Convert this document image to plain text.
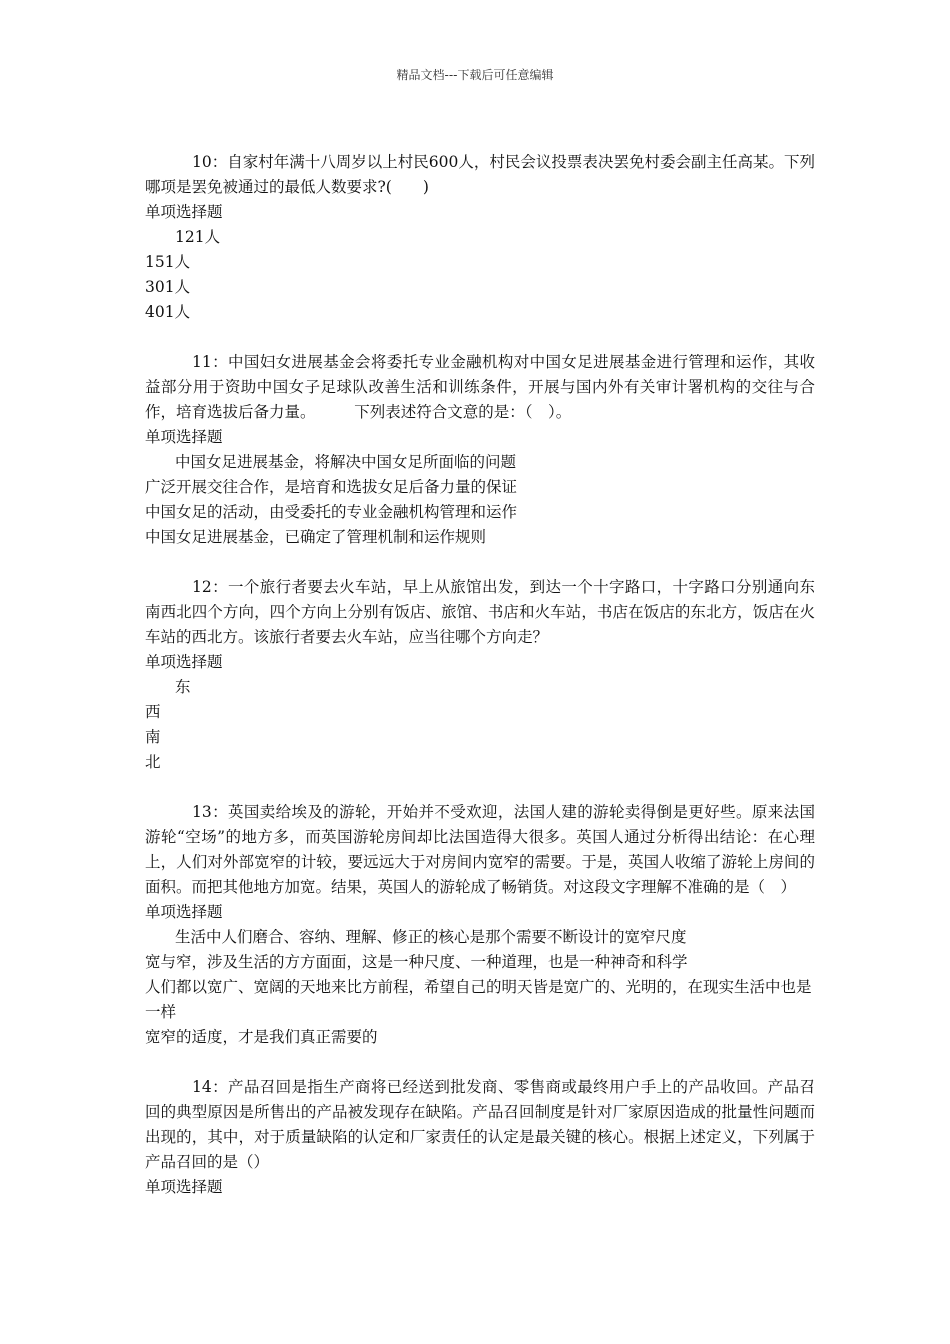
精品文档---下载后可任意编辑
10：自家村年满十八周岁以上村民600人，村民会议投票表决罢免村委会副主任高某。下列哪项是罢免被通过的最低人数要求?(　　)
单项选择题
121人
151人
301人
401人
11：中国妇女进展基金会将委托专业金融机构对中国女足进展基金进行管理和运作，其收益部分用于资助中国女子足球队改善生活和训练条件，开展与国内外有关审计署机构的交往与合作，培育选拔后备力量。　　　下列表述符合文意的是：（　）。
单项选择题
中国女足进展基金，将解决中国女足所面临的问题
广泛开展交往合作，是培育和选拔女足后备力量的保证
中国女足的活动，由受委托的专业金融机构管理和运作
中国女足进展基金，已确定了管理机制和运作规则
12：一个旅行者要去火车站，早上从旅馆出发，到达一个十字路口，十字路口分别通向东南西北四个方向，四个方向上分别有饭店、旅馆、书店和火车站，书店在饭店的东北方，饭店在火车站的西北方。该旅行者要去火车站，应当往哪个方向走？
单项选择题
东
西
南
北
13：英国卖给埃及的游轮，开始并不受欢迎，法国人建的游轮卖得倒是更好些。原来法国游轮“空场”的地方多，而英国游轮房间却比法国造得大很多。英国人通过分析得出结论：在心理上，人们对外部宽窄的计较，要远远大于对房间内宽窄的需要。于是，英国人收缩了游轮上房间的面积。而把其他地方加宽。结果，英国人的游轮成了畅销货。对这段文字理解不准确的是（　）
单项选择题
生活中人们磨合、容纳、理解、修正的核心是那个需要不断设计的宽窄尺度
宽与窄，涉及生活的方方面面，这是一种尺度、一种道理，也是一种神奇和科学
人们都以宽广、宽阔的天地来比方前程，希望自己的明天皆是宽广的、光明的，在现实生活中也是一样
宽窄的适度，才是我们真正需要的
14：产品召回是指生产商将已经送到批发商、零售商或最终用户手上的产品收回。产品召回的典型原因是所售出的产品被发现存在缺陷。产品召回制度是针对厂家原因造成的批量性问题而出现的，其中，对于质量缺陷的认定和厂家责任的认定是最关键的核心。根据上述定义，下列属于产品召回的是（）
单项选择题
